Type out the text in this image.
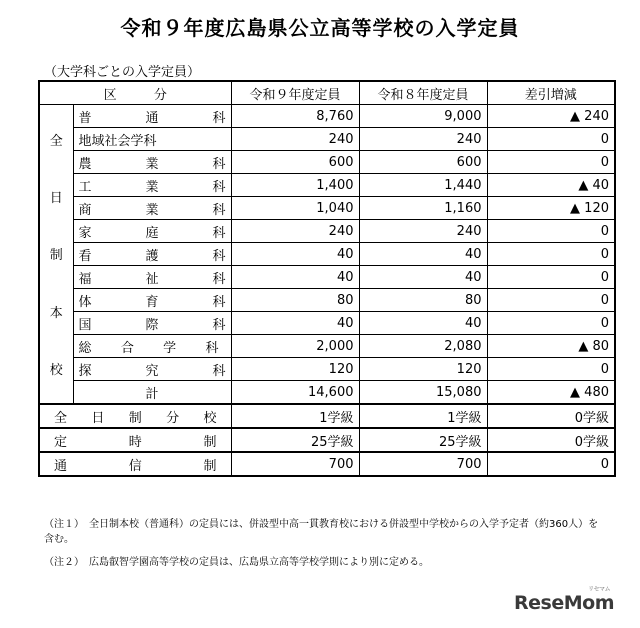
令和９年度広島県公立高等学校の入学定員
（大学科ごとの入学定員）
区 分		令和９年度定員	令和８年度定員	差引増減

全
日
制
本
校	普 通 科	8,760	9,000	▲ 240

	地域社会学科	240	240	0

	農 業 科	600	600	0

	工 業 科	1,400	1,440	▲ 40

	商 業 科	1,040	1,160	▲ 120

	家 庭 科	240	240	0

	看 護 科	40	40	0

	福 祉 科	40	40	0

	体 育 科	80	80	0

	国 際 科	40	40	0

	総 合 学 科	2,000	2,080	▲ 80

	探 究 科	120	120	0
	計	14,600	15,080	▲ 480

全 日 制 分 校		1学級	1学級	0学級

定 時 制		25学級	25学級	0学級

通 信 制		700	700	0
（注１）　全日制本校（普通科）の定員には、併設型中高一貫教育校における併設型中学校からの入学予定者（約360人）を含む。
（注２）　広島叡智学園高等学校の定員は、広島県立高等学校学則により別に定める。
リセマム
ReseMom
